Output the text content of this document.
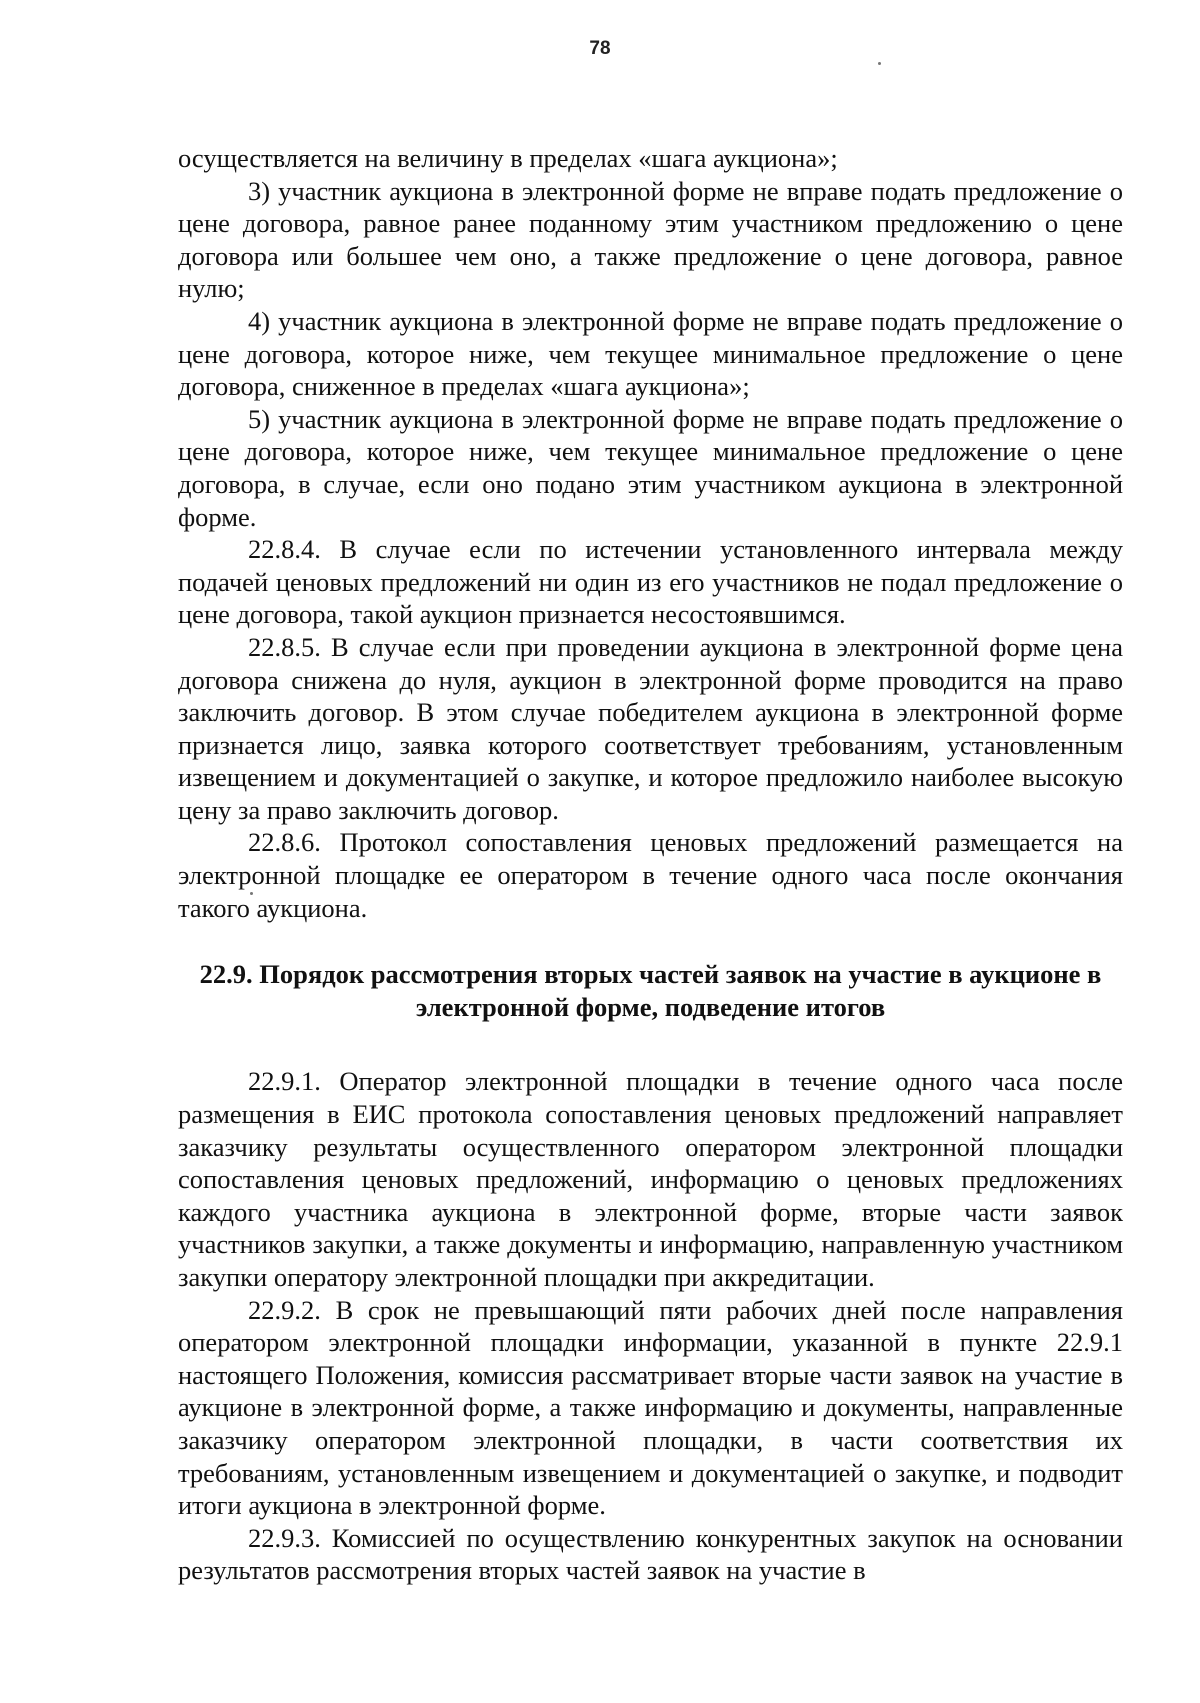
78

осуществляется на величину в пределах «шага аукциона»;

3) участник аукциона в электронной форме не вправе подать предложение о цене договора, равное ранее поданному этим участником предложению о цене договора или большее чем оно, а также предложение о цене договора, равное нулю;

4) участник аукциона в электронной форме не вправе подать предложение о цене договора, которое ниже, чем текущее минимальное предложение о цене договора, сниженное в пределах «шага аукциона»;

5) участник аукциона в электронной форме не вправе подать предложение о цене договора, которое ниже, чем текущее минимальное предложение о цене договора, в случае, если оно подано этим участником аукциона в электронной форме.

22.8.4. В случае если по истечении установленного интервала между подачей ценовых предложений ни один из его участников не подал предложение о цене договора, такой аукцион признается несостоявшимся.

22.8.5. В случае если при проведении аукциона в электронной форме цена договора снижена до нуля, аукцион в электронной форме проводится на право заключить договор. В этом случае победителем аукциона в электронной форме признается лицо, заявка которого соответствует требованиям, установленным извещением и документацией о закупке, и которое предложило наиболее высокую цену за право заключить договор.

22.8.6. Протокол сопоставления ценовых предложений размещается на электронной площадке ее оператором в течение одного часа после окончания такого аукциона.

22.9. Порядок рассмотрения вторых частей заявок на участие в аукционе в электронной форме, подведение итогов

22.9.1. Оператор электронной площадки в течение одного часа после размещения в ЕИС протокола сопоставления ценовых предложений направляет заказчику результаты осуществленного оператором электронной площадки сопоставления ценовых предложений, информацию о ценовых предложениях каждого участника аукциона в электронной форме, вторые части заявок участников закупки, а также документы и информацию, направленную участником закупки оператору электронной площадки при аккредитации.

22.9.2. В срок не превышающий пяти рабочих дней после направления оператором электронной площадки информации, указанной в пункте 22.9.1 настоящего Положения, комиссия рассматривает вторые части заявок на участие в аукционе в электронной форме, а также информацию и документы, направленные заказчику оператором электронной площадки, в части соответствия их требованиям, установленным извещением и документацией о закупке, и подводит итоги аукциона в электронной форме.

22.9.3. Комиссией по осуществлению конкурентных закупок на основании результатов рассмотрения вторых частей заявок на участие в
